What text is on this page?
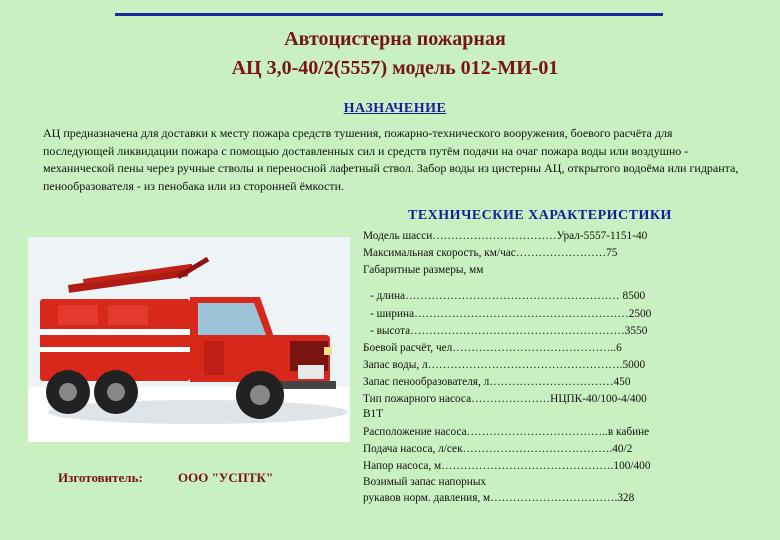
Автоцистерна пожарная
АЦ 3,0-40/2(5557) модель 012-МИ-01
НАЗНАЧЕНИЕ
АЦ предназначена для доставки к месту пожара средств тушения, пожарно-технического вооружения, боевого расчёта для последующей ликвидации пожара с помощью доставленных сил и средств путём подачи на очаг пожара воды или воздушно - механической пены через ручные стволы и переносной лафетный ствол. Забор воды из цистерны АЦ, открытого водоёма или гидранта, пенообразователя - из пенобака или из сторонней ёмкости.
ТЕХНИЧЕСКИЕ ХАРАКТЕРИСТИКИ
Изготовитель:	ООО "УСПТК"
Модель шасси……………………………Урал-5557-1151-40
Максимальная скорость, км/час……………………75
Габаритные размеры, мм
- длина………………………………………………… 8500
- ширина…………………………………………………2500
- высота…………………………………………………3550
Боевой расчёт, чел……………………………………..6
Запас воды, л…………………………………………….5000
Запас пенообразователя, л……………………………450
Тип пожарного насоса…………………НЦПК-40/100-4/400
В1Т
Расположение насоса………………………………..в кабине
Подача насоса, л/сек………………………………….40/2
Напор насоса, м……………………………………….100/400
Возимый запас напорных
рукавов норм. давления, м…………………………….328
